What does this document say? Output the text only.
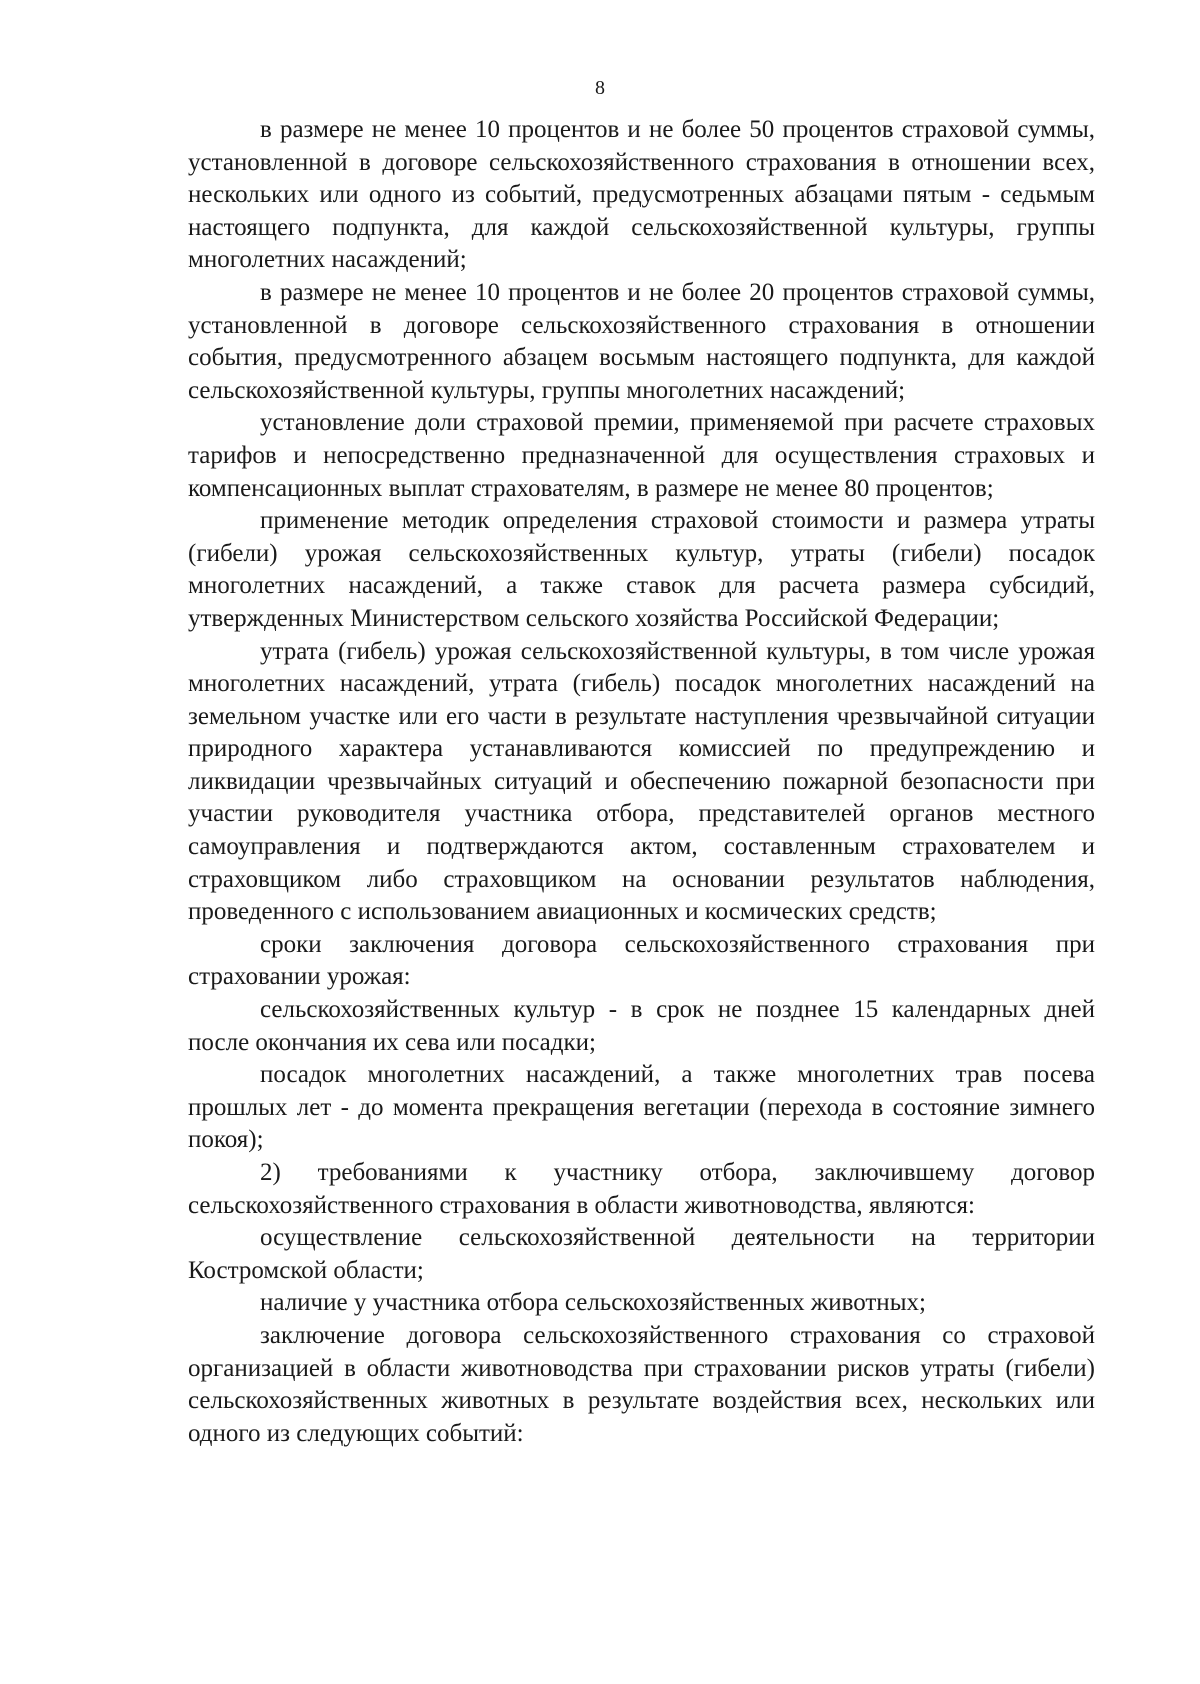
8

в размере не менее 10 процентов и не более 50 процентов страховой суммы, установленной в договоре сельскохозяйственного страхования в отношении всех, нескольких или одного из событий, предусмотренных абзацами пятым - седьмым настоящего подпункта, для каждой сельскохозяйственной культуры, группы многолетних насаждений;

в размере не менее 10 процентов и не более 20 процентов страховой суммы, установленной в договоре сельскохозяйственного страхования в отношении события, предусмотренного абзацем восьмым настоящего подпункта, для каждой сельскохозяйственной культуры, группы многолетних насаждений;

установление доли страховой премии, применяемой при расчете страховых тарифов и непосредственно предназначенной для осуществления страховых и компенсационных выплат страхователям, в размере не менее 80 процентов;

применение методик определения страховой стоимости и размера утраты (гибели) урожая сельскохозяйственных культур, утраты (гибели) посадок многолетних насаждений, а также ставок для расчета размера субсидий, утвержденных Министерством сельского хозяйства Российской Федерации;

утрата (гибель) урожая сельскохозяйственной культуры, в том числе урожая многолетних насаждений, утрата (гибель) посадок многолетних насаждений на земельном участке или его части в результате наступления чрезвычайной ситуации природного характера устанавливаются комиссией по предупреждению и ликвидации чрезвычайных ситуаций и обеспечению пожарной безопасности при участии руководителя участника отбора, представителей органов местного самоуправления и подтверждаются актом, составленным страхователем и страховщиком либо страховщиком на основании результатов наблюдения, проведенного с использованием авиационных и космических средств;

сроки заключения договора сельскохозяйственного страхования при страховании урожая:

сельскохозяйственных культур - в срок не позднее 15 календарных дней после окончания их сева или посадки;

посадок многолетних насаждений, а также многолетних трав посева прошлых лет - до момента прекращения вегетации (перехода в состояние зимнего покоя);

2) требованиями к участнику отбора, заключившему договор сельскохозяйственного страхования в области животноводства, являются:

осуществление сельскохозяйственной деятельности на территории Костромской области;

наличие у участника отбора сельскохозяйственных животных;

заключение договора сельскохозяйственного страхования со страховой организацией в области животноводства при страховании рисков утраты (гибели) сельскохозяйственных животных в результате воздействия всех, нескольких или одного из следующих событий:
